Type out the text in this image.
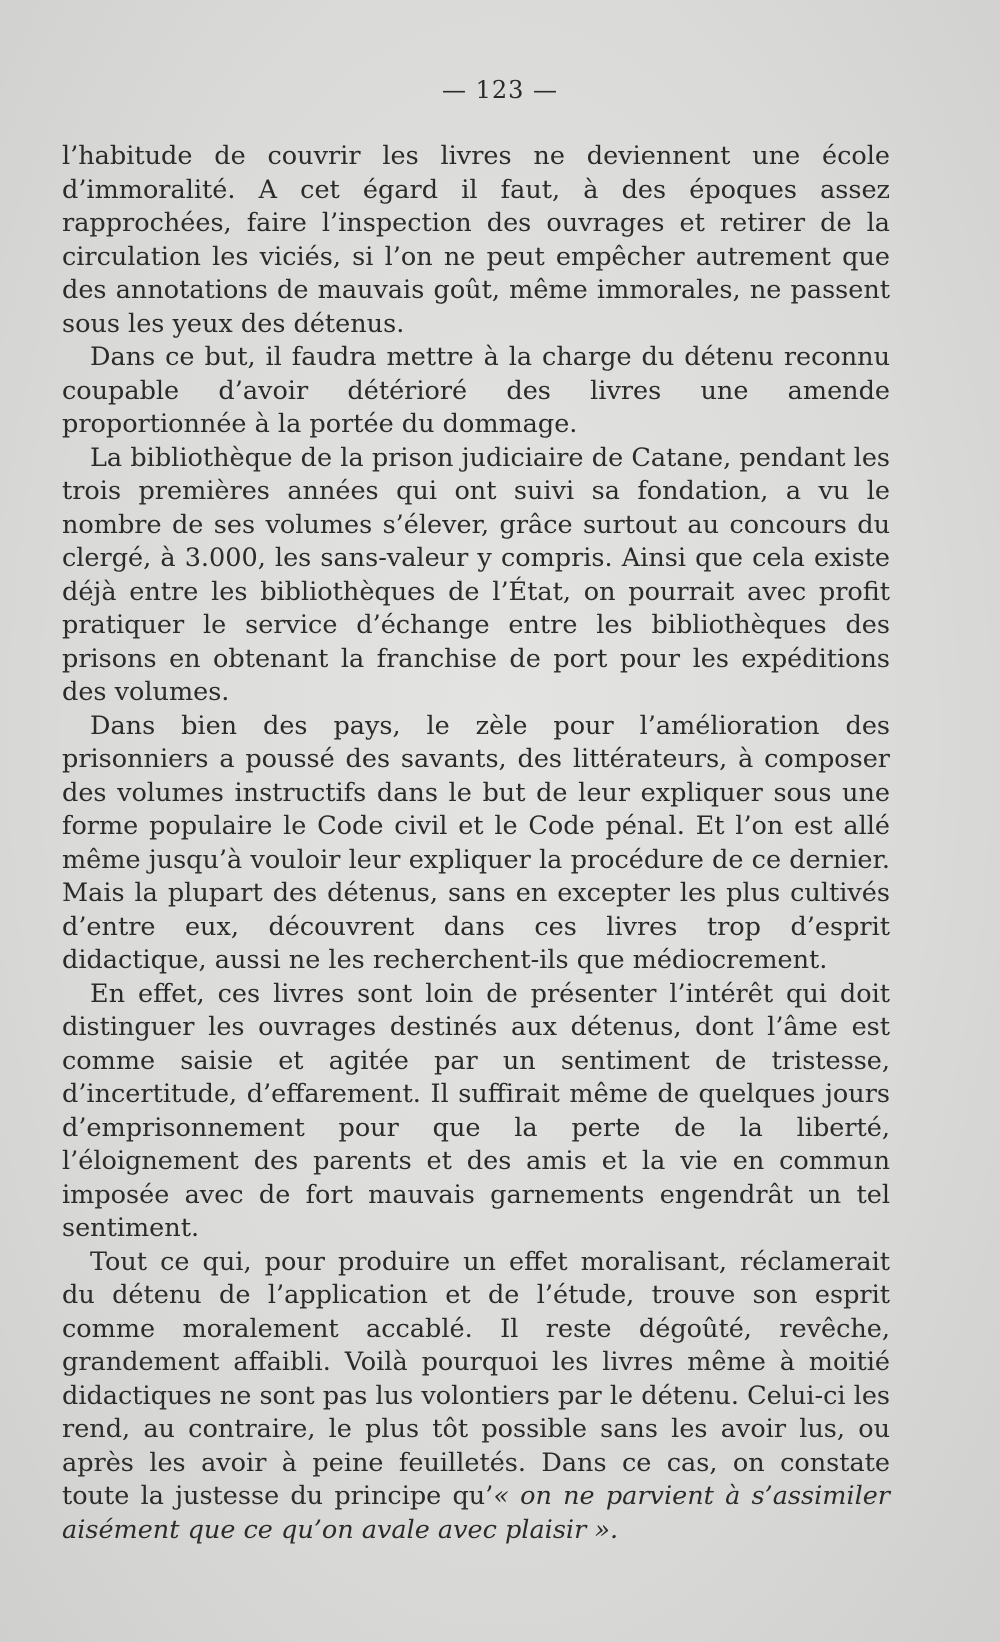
— 123 —

l’habitude de couvrir les livres ne deviennent une école d’immoralité. A cet égard il faut, à des époques assez rapprochées, faire l’inspection des ouvrages et retirer de la circulation les viciés, si l’on ne peut empêcher autrement que des annotations de mauvais goût, même immorales, ne passent sous les yeux des détenus.

Dans ce but, il faudra mettre à la charge du détenu reconnu coupable d’avoir détérioré des livres une amende proportionnée à la portée du dommage.

La bibliothèque de la prison judiciaire de Catane, pendant les trois premières années qui ont suivi sa fondation, a vu le nombre de ses volumes s’élever, grâce surtout au concours du clergé, à 3.000, les sans-valeur y compris. Ainsi que cela existe déjà entre les bibliothèques de l’État, on pourrait avec profit pratiquer le service d’échange entre les bibliothèques des prisons en obtenant la franchise de port pour les expéditions des volumes.

Dans bien des pays, le zèle pour l’amélioration des prisonniers a poussé des savants, des littérateurs, à composer des volumes instructifs dans le but de leur expliquer sous une forme populaire le Code civil et le Code pénal. Et l’on est allé même jusqu’à vouloir leur expliquer la procédure de ce dernier. Mais la plupart des détenus, sans en excepter les plus cultivés d’entre eux, découvrent dans ces livres trop d’esprit didactique, aussi ne les recherchent-ils que médiocrement.

En effet, ces livres sont loin de présenter l’intérêt qui doit distinguer les ouvrages destinés aux détenus, dont l’âme est comme saisie et agitée par un sentiment de tristesse, d’incertitude, d’effarement. Il suffirait même de quelques jours d’emprisonnement pour que la perte de la liberté, l’éloignement des parents et des amis et la vie en commun imposée avec de fort mauvais garnements engendrât un tel sentiment.

Tout ce qui, pour produire un effet moralisant, réclamerait du détenu de l’application et de l’étude, trouve son esprit comme moralement accablé. Il reste dégoûté, revêche, grandement affaibli. Voilà pourquoi les livres même à moitié didactiques ne sont pas lus volontiers par le détenu. Celui-ci les rend, au contraire, le plus tôt possible sans les avoir lus, ou après les avoir à peine feuilletés. Dans ce cas, on constate toute la justesse du principe qu’« on ne parvient à s’assimiler aisément que ce qu’on avale avec plaisir ».
